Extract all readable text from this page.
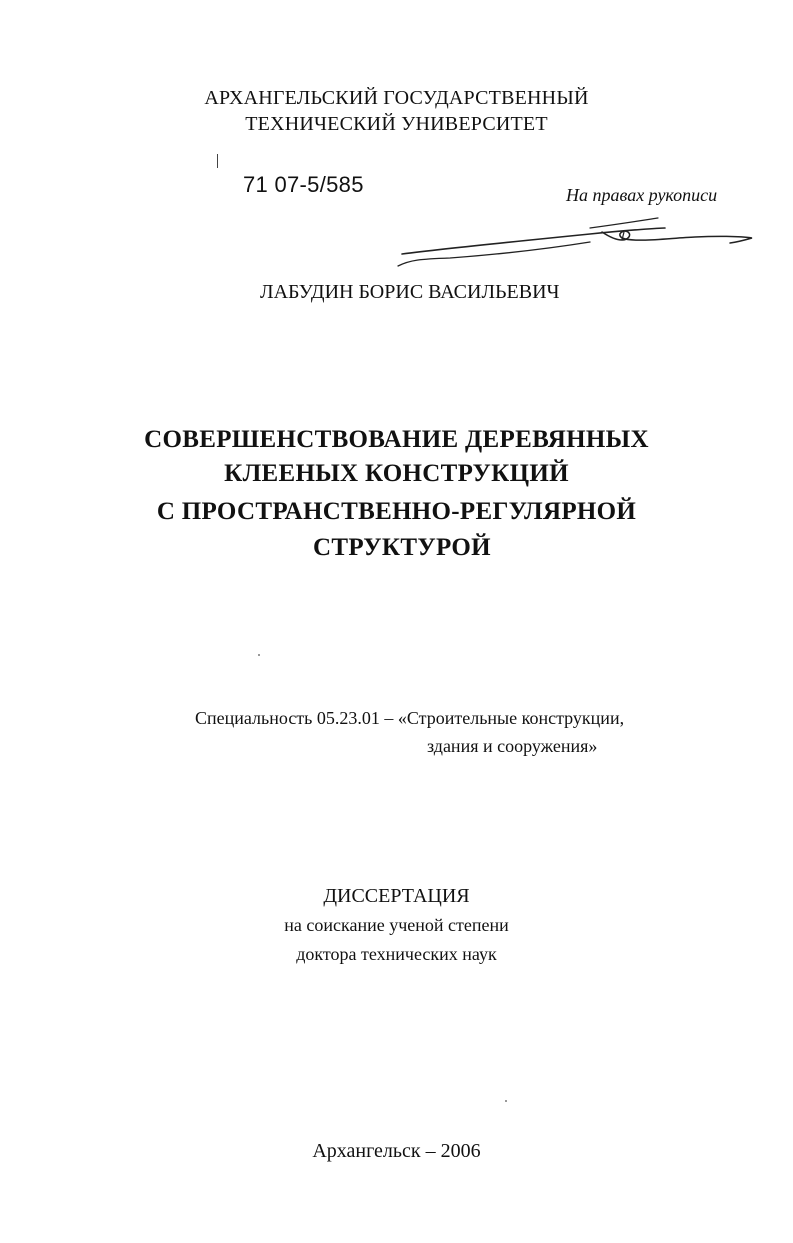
АРХАНГЕЛЬСКИЙ ГОСУДАРСТВЕННЫЙ
ТЕХНИЧЕСКИЙ УНИВЕРСИТЕТ
71 07-5/585	На правах рукописи
ЛАБУДИН БОРИС ВАСИЛЬЕВИЧ
СОВЕРШЕНСТВОВАНИЕ ДЕРЕВЯННЫХ
КЛЕЕНЫХ КОНСТРУКЦИЙ
С ПРОСТРАНСТВЕННО-РЕГУЛЯРНОЙ
СТРУКТУРОЙ
Специальность 05.23.01 – «Строительные конструкции,
здания и сооружения»
ДИССЕРТАЦИЯ
на соискание ученой степени
доктора технических наук
Архангельск – 2006
